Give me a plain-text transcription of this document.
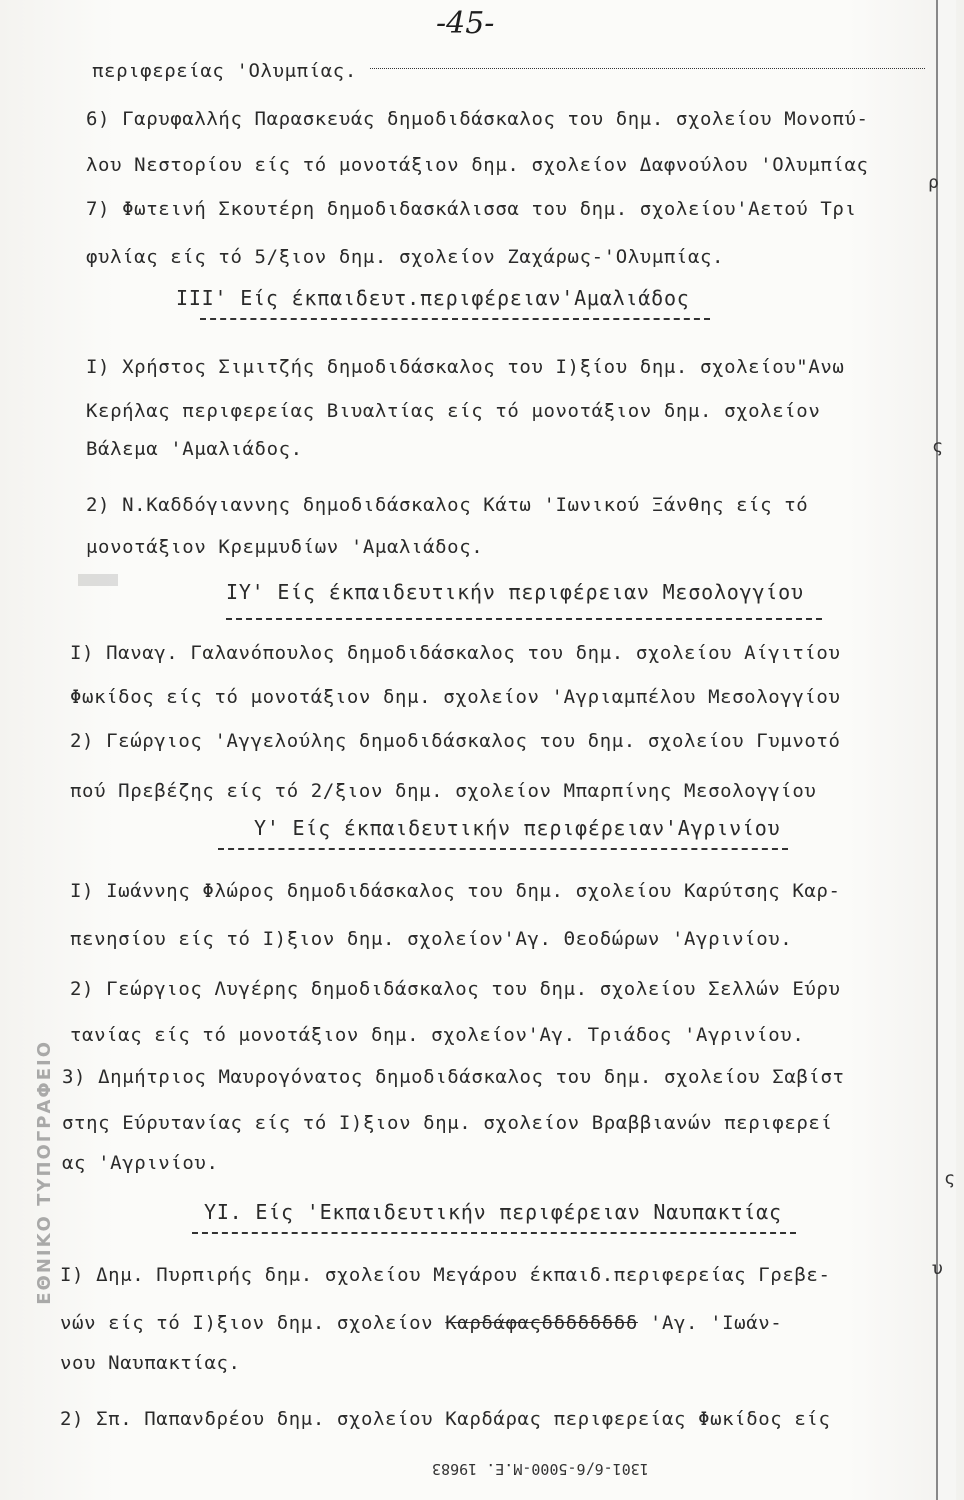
ΕΘΝΙΚΟ ΤΥΠΟΓΡΑΦΕΙΟ
-45-
περιφερείας 'Ολυμπίας.
6) Γαρυφαλλής Παρασκευάς δημοδιδάσκαλος του δημ. σχολείου Μονοπύ-
λου Νεστορίου είς τό μονοτάξιον δημ. σχολείον Δαφνούλου 'Ολυμπίας
7) Φωτεινή Σκουτέρη δημοδιδασκάλισσα του δημ. σχολείου'Αετού Τρι
φυλίας είς τό 5/ξιον δημ. σχολείον Ζαχάρως-'Ολυμπίας.
III' Είς έκπαιδευτ.περιφέρειαν'Αμαλιάδος
Ι) Χρήστος Σιμιτζής δημοδιδάσκαλος του Ι)ξίου δημ. σχολείου"Ανω
Κερήλας περιφερείας Βιυαλτίας είς τό μονοτάξιον δημ. σχολείον
Βάλεμα 'Αμαλιάδος.
2) Ν.Καδδόγιαννης δημοδιδάσκαλος Κάτω 'Ιωνικού Ξάνθης είς τό
μονοτάξιον Κρεμμυδίων 'Αμαλιάδος.
ΙΥ' Είς έκπαιδευτικήν περιφέρειαν Μεσολογγίου
Ι) Παναγ. Γαλανόπουλος δημοδιδάσκαλος του δημ. σχολείου Αίγιτίου
Φωκίδος είς τό μονοτάξιον δημ. σχολείον 'Αγριαμπέλου Μεσολογγίου
2) Γεώργιος 'Αγγελούλης δημοδιδάσκαλος του δημ. σχολείου Γυμνοτό
πού Πρεβέζης είς τό 2/ξιον δημ. σχολείον Μπαρπίνης Μεσολογγίου
Υ' Είς έκπαιδευτικήν περιφέρειαν'Αγρινίου
Ι) Ιωάννης Φλώρος δημοδιδάσκαλος του δημ. σχολείου Καρύτσης Καρ-
πενησίου είς τό Ι)ξιον δημ. σχολείον'Αγ. Θεοδώρων 'Αγρινίου.
2) Γεώργιος Λυγέρης δημοδιδάσκαλος του δημ. σχολείου Σελλών Εύρυ
τανίας είς τό μονοτάξιον δημ. σχολείον'Αγ. Τριάδος 'Αγρινίου.
3) Δημήτριος Μαυρογόνατος δημοδιδάσκαλος του δημ. σχολείου Σαβίστ
στης Εύρυτανίας είς τό Ι)ξιον δημ. σχολείον Βραββιανών περιφερεί
ας 'Αγρινίου.
ΥΙ. Είς 'Εκπαιδευτικήν περιφέρειαν Ναυπακτίας
Ι) Δημ. Πυρπιρής δημ. σχολείου Μεγάρου έκπαιδ.περιφερείας Γρεβε-
νών είς τό Ι)ξιον δημ. σχολείον Καρδάφαςδδδδδδδδ 'Αγ. 'Ιωάν-
νου Ναυπακτίας.
2) Σπ. Παπανδρέου δημ. σχολείου Καρδάρας περιφερείας Φωκίδος είς
ρ
ς
ς
υ
1301-6/6-5000-Μ.Ε. 19683
